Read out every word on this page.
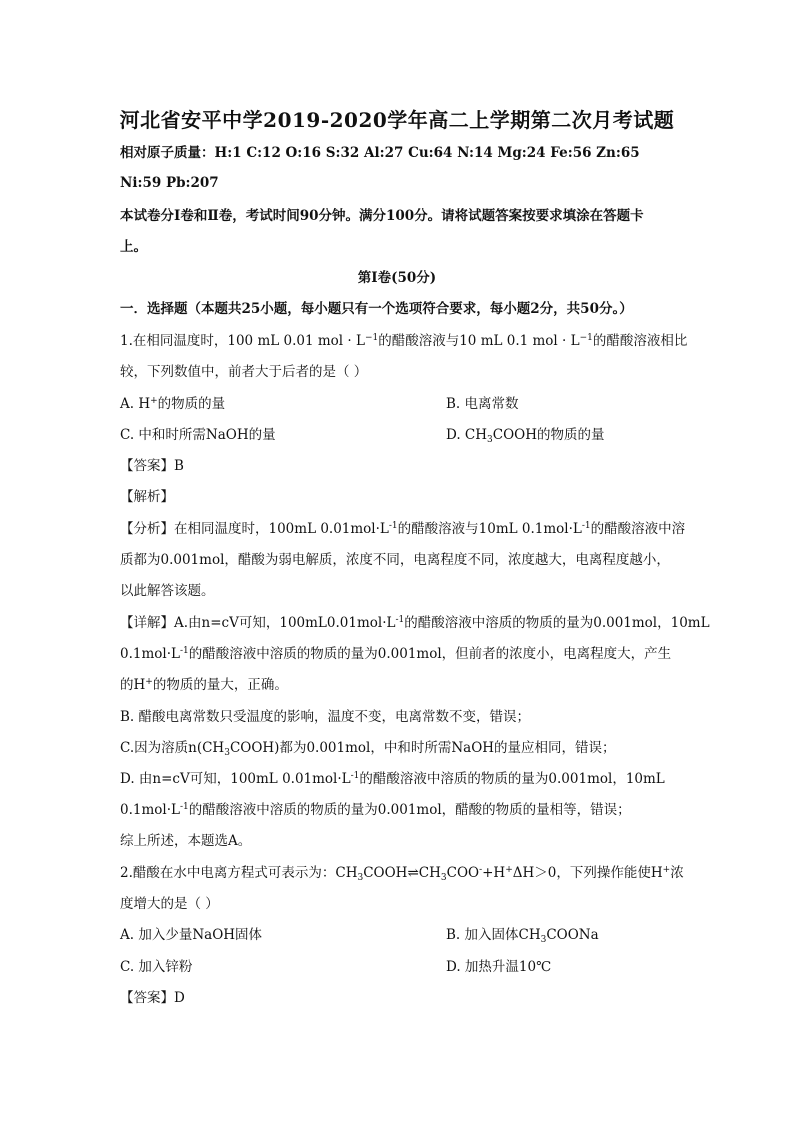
河北省安平中学2019-2020学年高二上学期第二次月考试题
相对原子质量：H:1 C:12 O:16 S:32 Al:27 Cu:64 N:14 Mg:24 Fe:56 Zn:65
Ni:59 Pb:207
本试卷分Ⅰ卷和Ⅱ卷，考试时间90分钟。满分100分。请将试题答案按要求填涂在答题卡
上。
第Ⅰ卷(50分)
一．选择题（本题共25小题，每小题只有一个选项符合要求，每小题2分，共50分。）
1.在相同温度时，100 mL 0.01 mol · $L^{-1}$的醋酸溶液与10 mL 0.1 mol · $L^{-1}$的醋酸溶液相比
较，下列数值中，前者大于后者的是（ ）
A. H+的物质的量	B. 电离常数
C. 中和时所需NaOH的量	D. $CH_3COOH$的物质的量
【答案】B
【解析】
【分析】在相同温度时，100mL $0.01mol\cdot L^{-1}$的醋酸溶液与10mL $0.1mol\cdot L^{-1}$的醋酸溶液中溶
质都为0.001mol，醋酸为弱电解质，浓度不同，电离程度不同，浓度越大，电离程度越小，
以此解答该题。
【详解】A.由n=cV可知，$100mL0.01mol\cdot L^{-1}$的醋酸溶液中溶质的物质的量为0.001mol，10mL
$0.1mol\cdot L^{-1}$的醋酸溶液中溶质的物质的量为0.001mol，但前者的浓度小，电离程度大，产生
的H+的物质的量大，正确。
B. 醋酸电离常数只受温度的影响，温度不变，电离常数不变，错误；
C.因为溶质$n(CH_3COOH)$都为0.001mol，中和时所需NaOH的量应相同，错误；
D. 由n=cV可知，100mL $0.01mol\cdot L^{-1}$的醋酸溶液中溶质的物质的量为0.001mol，10mL
$0.1mol\cdot L^{-1}$的醋酸溶液中溶质的物质的量为0.001mol，醋酸的物质的量相等，错误；
综上所述，本题选A。
2.醋酸在水中电离方程式可表示为：$CH_3COOH\rightleftharpoons CH_3COO^-+H^+\Delta H>0$，下列操作能使H+浓
度增大的是（ ）
A. 加入少量NaOH固体	B. 加入固体$CH_3COONa$
C. 加入锌粉	D. 加热升温10℃
【答案】D
